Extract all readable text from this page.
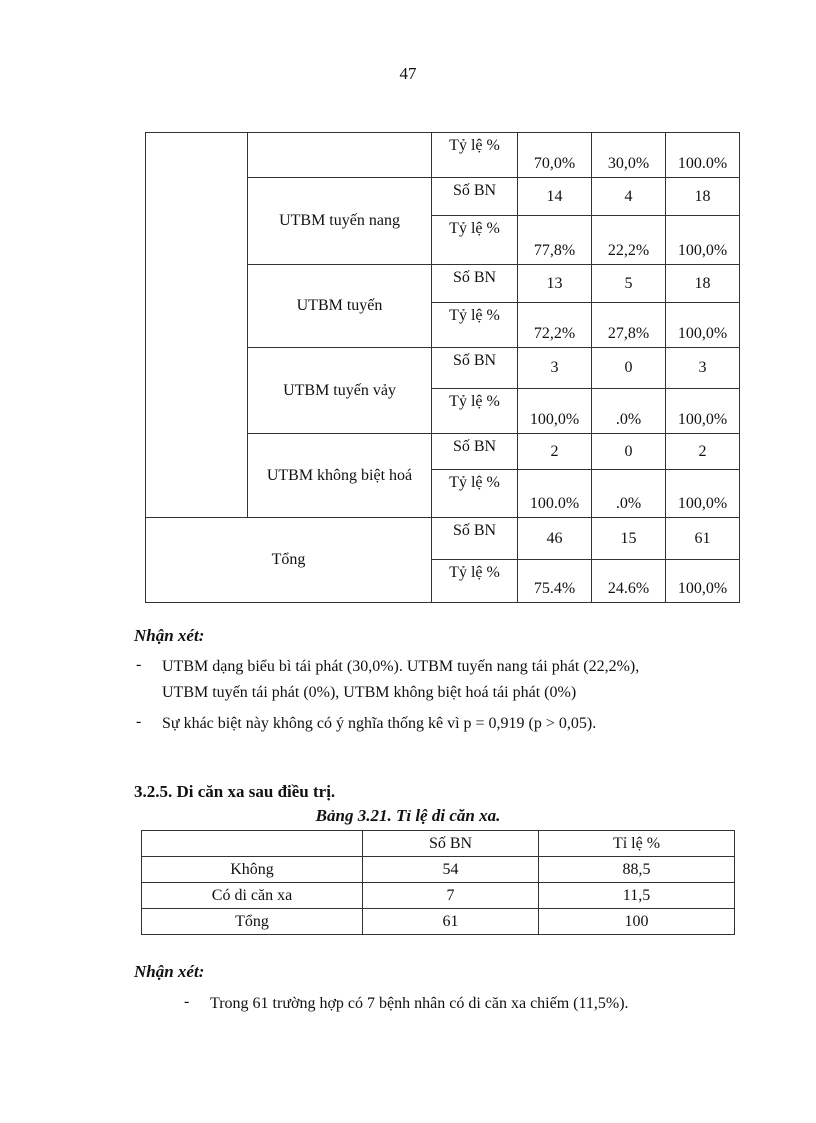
47
		Tỷ lệ %	70,0%	30,0%	100.0%
	UTBM tuyến nang	Số BN	14	4	18
		Tỷ lệ %	77,8%	22,2%	100,0%
	UTBM tuyến	Số BN	13	5	18
		Tỷ lệ %	72,2%	27,8%	100,0%
	UTBM tuyến vảy	Số BN	3	0	3
		Tỷ lệ %	100,0%	.0%	100,0%
	UTBM không biệt hoá	Số BN	2	0	2
		Tỷ lệ %	100.0%	.0%	100,0%
Tổng		Số BN	46	15	61
		Tỷ lệ %	75.4%	24.6%	100,0%
Nhận xét:
- UTBM dạng biểu bì tái phát (30,0%). UTBM tuyến nang tái phát (22,2%),
UTBM tuyến tái phát (0%), UTBM không biệt hoá tái phát (0%)
- Sự khác biệt này không có ý nghĩa thống kê vì p = 0,919 (p > 0,05).
3.2.5. Di căn xa sau điều trị.
Bảng 3.21. Tỉ lệ di căn xa.
	Số BN	Tỉ lệ %
Không	54	88,5
Có di căn xa	7	11,5
Tổng	61	100
Nhận xét:
- Trong 61 trường hợp có 7 bệnh nhân có di căn xa chiếm (11,5%).
